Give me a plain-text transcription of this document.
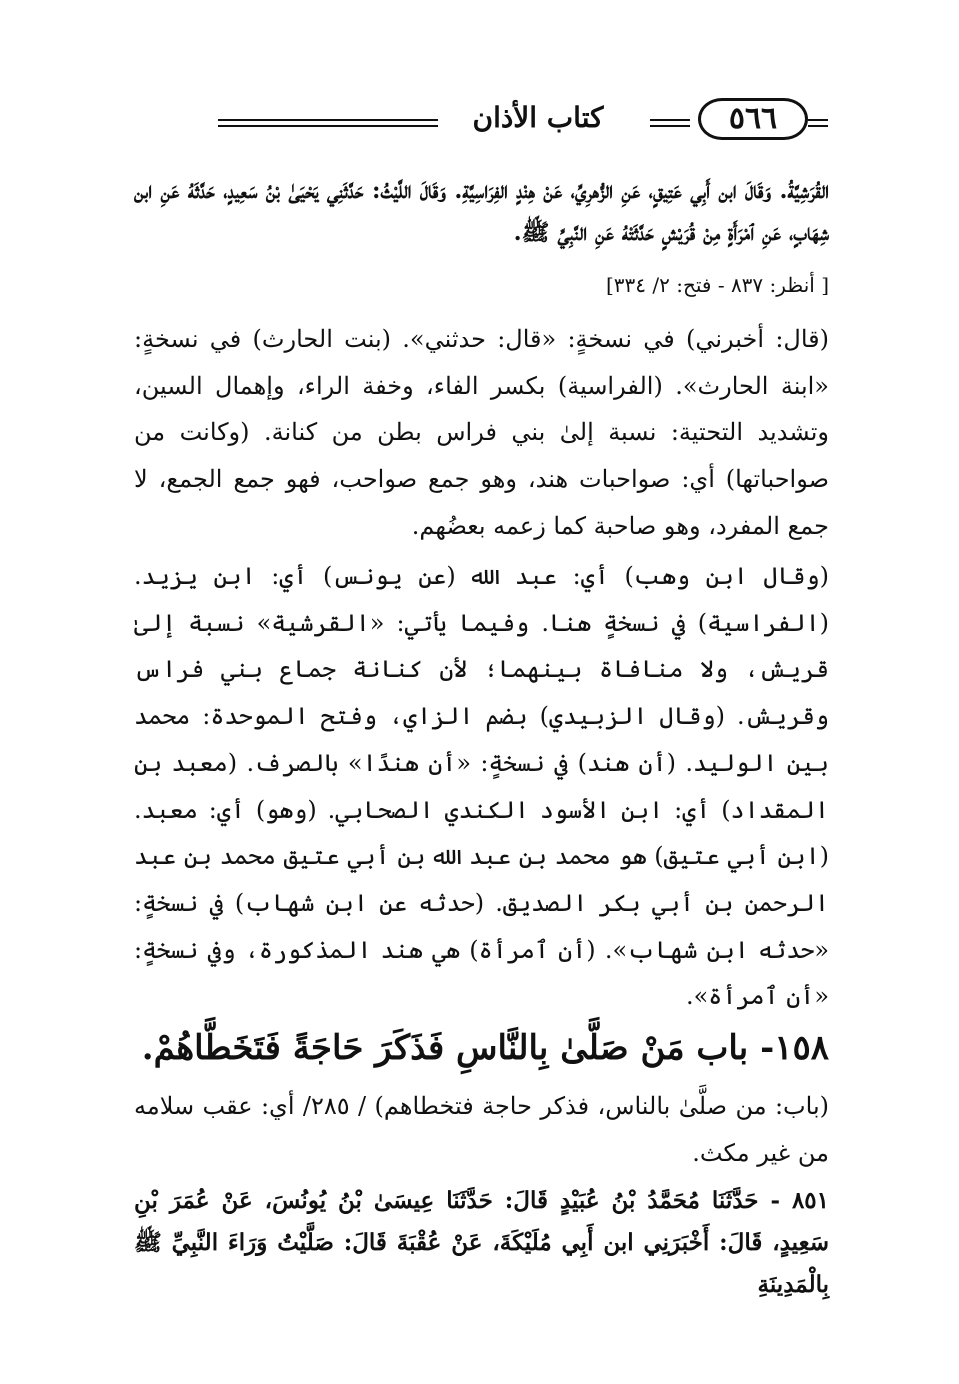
٥٦٦
كتاب الأذان
القُرَشِيَّةُ. وَقَالَ ابن أَبِي عَتِيقٍ، عَنِ الزُّهرِيِّ، عَنْ هِنْدٍ الفِرَاسِيَّةِ. وَقَالَ اللَّيْثُ: حَدَّثَنِي يَحْيَىٰ بْنُ سَعِيدٍ، حَدَّثَهُ عَنِ ابن شِهَابٍ، عَنِ ٱمْرَأَةٍ مِنْ قُرَيْشٍ حَدَّثَتْهُ عَنِ النَّبِيِّ ﷺ.
[ أنظر: ٨٣٧ - فتح: ٢/ ٣٣٤]
(قال: أخبرني) في نسخةٍ: «قال: حدثني». (بنت الحارث) في نسخةٍ: «ابنة الحارث». (الفراسية) بكسر الفاء، وخفة الراء، وإهمال السين، وتشديد التحتية: نسبة إلىٰ بني فراس بطن من كنانة. (وكانت من صواحباتها) أي: صواحبات هند، وهو جمع صواحب، فهو جمع الجمع، لا جمع المفرد، وهو صاحبة كما زعمه بعضُهم.
(وقال ابن وهب) أي: عبد الله (عن يونس) أي: ابن يزيد. (الفراسية) في نسخةٍ هنا. وفيما يأتي: «القرشية» نسبة إلىٰ قريش، ولا منافاة بينهما؛ لأن كنانة جماع بني فراس وقريش. (وقال الزبيدي) بضم الزاي، وفتح الموحدة: محمد بين الوليد. (أن هند) في نسخةٍ: «أن هندًا» بالصرف. (معبد بن المقداد) أي: ابن الأسود الكندي الصحابي. (وهو) أي: معبد. (ابن أبي عتيق) هو محمد بن عبد الله بن أبي عتيق محمد بن عبد الرحمن بن أبي بكر الصديق. (حدثه عن ابن شهاب) في نسخةٍ: «حدثه ابن شهاب». (أن ٱمرأة) هي هند المذكورة، وفي نسخةٍ: «أن ٱمرأة».
١٥٨- باب مَنْ صَلَّىٰ بِالنَّاسِ فَذَكَرَ حَاجَةً فَتَخَطَّاهُمْ.
(باب: من صلَّىٰ بالناس، فذكر حاجة فتخطاهم) / ٢٨٥/ أي: عقب سلامه من غير مكث.
٨٥١ - حَدَّثَنَا مُحَمَّدُ بْنُ عُبَيْدٍ قَالَ: حَدَّثَنَا عِيسَىٰ بْنُ يُونُسَ، عَنْ عُمَرَ بْنِ سَعِيدٍ، قَالَ: أَخْبَرَنِي ابن أَبِي مُلَيْكَةَ، عَنْ عُقْبَةَ قَالَ: صَلَّيْتُ وَرَاءَ النَّبِيِّ ﷺ بِالْمَدِينَةِ
